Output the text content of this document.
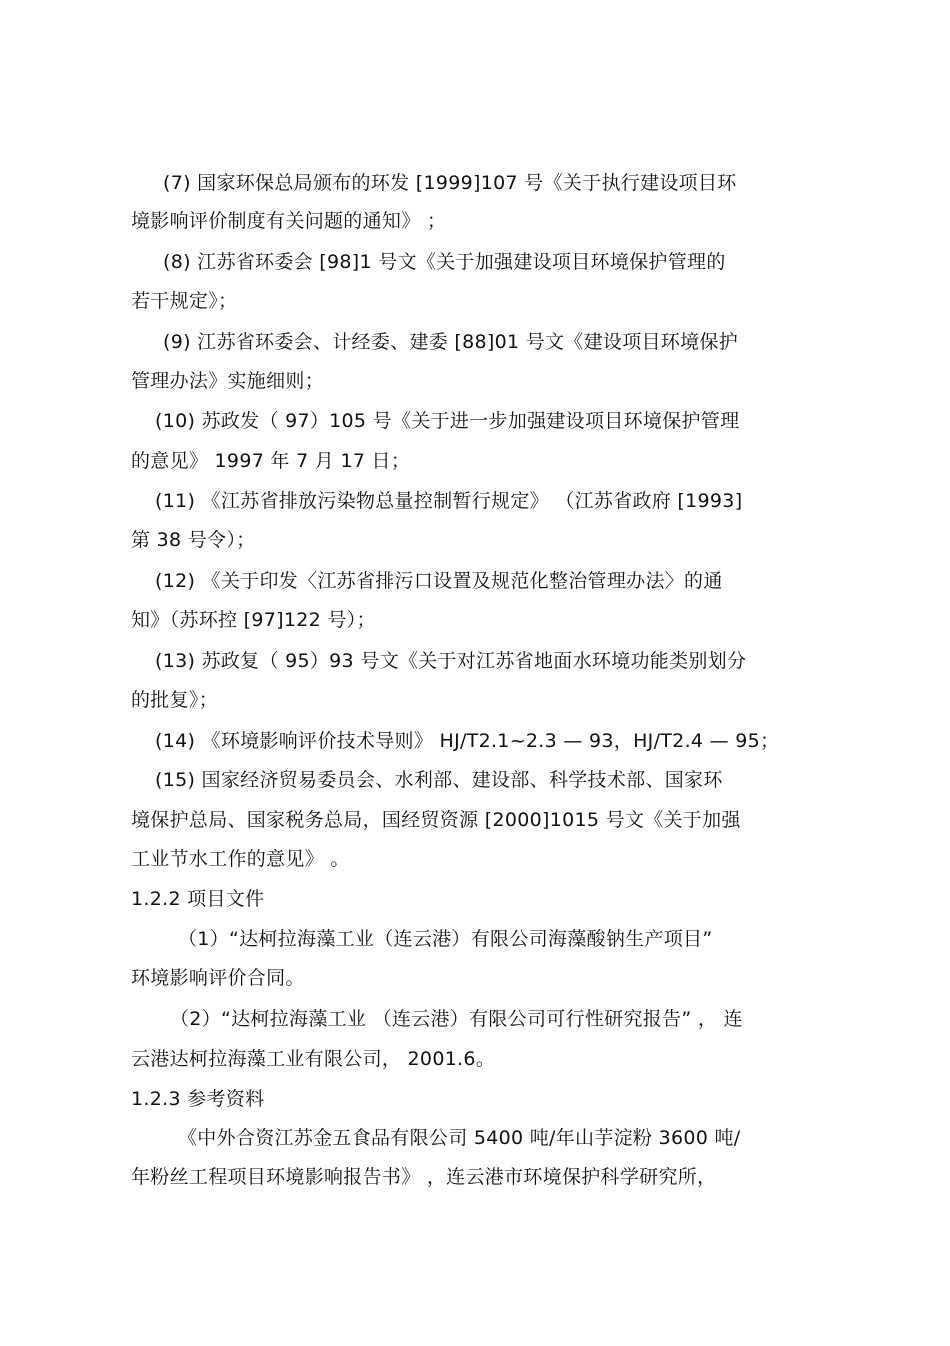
(7) 国家环保总局颁布的环发 [1999]107 号《关于执行建设项目环
境影响评价制度有关问题的通知》 ；
(8) 江苏省环委会 [98]1 号文《关于加强建设项目环境保护管理的
若干规定》；
(9) 江苏省环委会、计经委、建委 [88]01 号文《建设项目环境保护
管理办法》实施细则；
(10) 苏政发（ 97）105 号《关于进一步加强建设项目环境保护管理
的意见》 1997 年 7 月 17 日；
(11) 《江苏省排放污染物总量控制暂行规定》 （江苏省政府 [1993]
第 38 号令）；
(12) 《关于印发〈江苏省排污口设置及规范化整治管理办法〉的通
知》（苏环控 [97]122 号）；
(13) 苏政复（ 95）93 号文《关于对江苏省地面水环境功能类别划分
的批复》；
(14) 《环境影响评价技术导则》 HJ/T2.1~2.3 — 93，HJ/T2.4 — 95；
(15) 国家经济贸易委员会、水利部、建设部、科学技术部、国家环
境保护总局、国家税务总局，国经贸资源 [2000]1015 号文《关于加强
工业节水工作的意见》 。
1.2.2 项目文件
（1）“达柯拉海藻工业（连云港）有限公司海藻酸钠生产项目”
环境影响评价合同。
（2）“达柯拉海藻工业 （连云港）有限公司可行性研究报告” ， 连
云港达柯拉海藻工业有限公司， 2001.6。
1.2.3 参考资料
《中外合资江苏金五食品有限公司 5400 吨/年山芋淀粉 3600 吨/
年粉丝工程项目环境影响报告书》 ，连云港市环境保护科学研究所，
